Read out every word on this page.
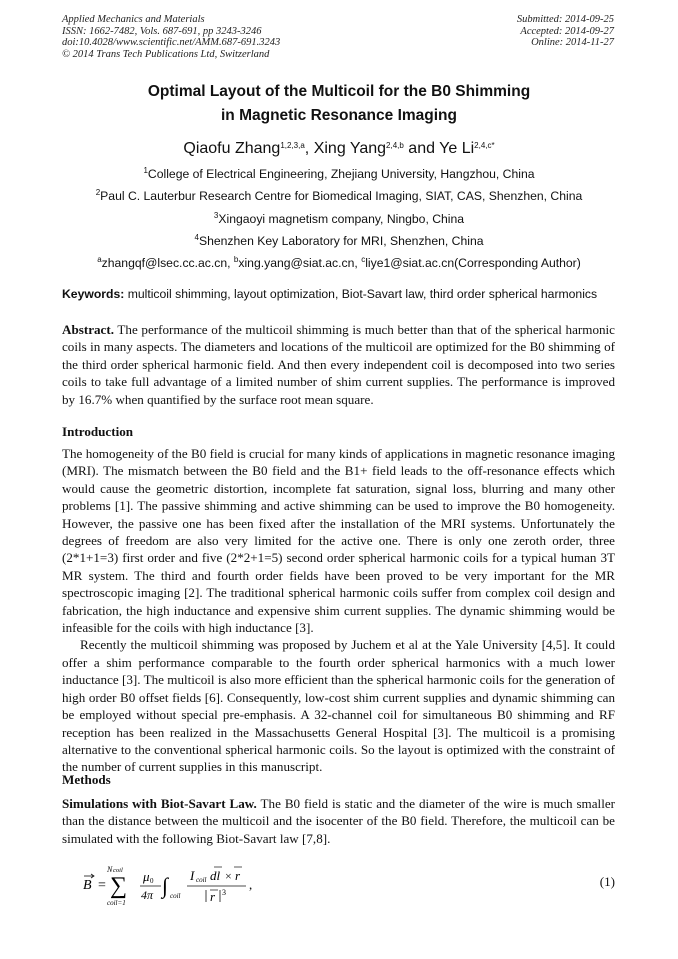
Applied Mechanics and Materials
ISSN: 1662-7482, Vols. 687-691, pp 3243-3246
doi:10.4028/www.scientific.net/AMM.687-691.3243
© 2014 Trans Tech Publications Ltd, Switzerland
Submitted: 2014-09-25
Accepted: 2014-09-27
Online: 2014-11-27
Optimal Layout of the Multicoil for the B0 Shimming
in Magnetic Resonance Imaging
Qiaofu Zhang$^{1,2,3,a}$, Xing Yang$^{2,4,b}$ and Ye $Li^{2,4,c*}$
$^1$College of Electrical Engineering, Zhejiang University, Hangzhou, China
$^2$Paul C. Lauterbur Research Centre for Biomedical Imaging, SIAT, CAS, Shenzhen, China
$^3$Xingaoyi magnetism company, Ningbo, China
$^4$Shenzhen Key Laboratory for MRI, Shenzhen, China
$^a$zhangqf@lsec.cc.ac.cn, $^b$xing.yang@siat.ac.cn, $^c$liye1@siat.ac.cn(Corresponding Author)
Keywords: multicoil shimming, layout optimization, Biot-Savart law, third order spherical harmonics

Abstract. The performance of the multicoil shimming is much better than that of the spherical harmonic coils in many aspects. The diameters and locations of the multicoil are optimized for the B0 shimming of the third order spherical harmonic field. And then every independent coil is decomposed into two series coils to take full advantage of a limited number of shim current supplies. The performance is improved by 16.7% when quantified by the surface root mean square.

Introduction

The homogeneity of the B0 field is crucial for many kinds of applications in magnetic resonance imaging (MRI). The mismatch between the B0 field and the B1+ field leads to the off-resonance effects which would cause the geometric distortion, incomplete fat saturation, signal loss, blurring and many other problems [1]. The passive shimming and active shimming can be used to improve the B0 homogeneity. However, the passive one has been fixed after the installation of the MRI systems. Unfortunately the degrees of freedom are also very limited for the active one. There is only one zeroth order, three (2*1+1=3) first order and five (2*2+1=5) second order spherical harmonic coils for a typical human 3T MR system. The third and fourth order fields have been proved to be very important for the MR spectroscopic imaging [2]. The traditional spherical harmonic coils suffer from complex coil design and fabrication, the high inductance and expensive shim current supplies. The dynamic shimming would be infeasible for the coils with high inductance [3].

Recently the multicoil shimming was proposed by Juchem et al at the Yale University [4,5]. It could offer a shim performance comparable to the fourth order spherical harmonics with a much lower inductance [3]. The multicoil is also more efficient than the spherical harmonic coils for the generation of high order B0 offset fields [6]. Consequently, low-cost shim current supplies and dynamic shimming can be employed without special pre-emphasis. A 32-channel coil for simultaneous B0 shimming and RF reception has been realized in the Massachusetts General Hospital [3]. The multicoil is a promising alternative to the conventional spherical harmonic coils. So the layout is optimized with the constraint of the number of current supplies in this manuscript.

Methods

Simulations with Biot-Savart Law. The B0 field is static and the diameter of the wire is much smaller than the distance between the multicoil and the isocenter of the B0 field. Therefore, the multicoil can be simulated with the following Biot-Savart law [7,8].

B =
N coil
∑
coil=1
μ 0
4π ∫ coil
I coil dl × r
r 3
,	(1)
